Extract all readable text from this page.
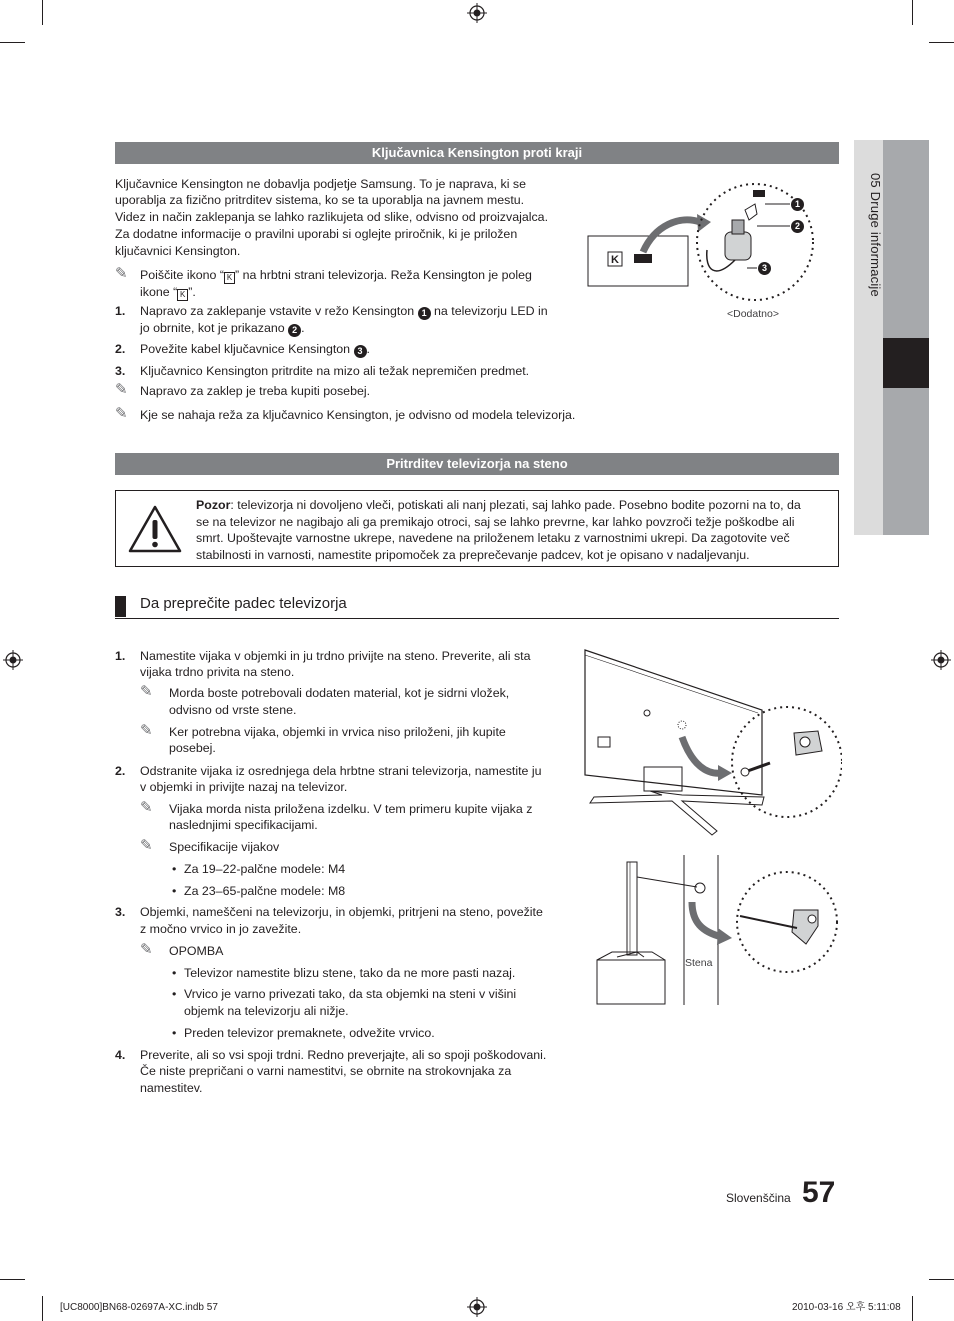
05 Druge informacije
Ključavnica Kensington proti kraji
Ključavnice Kensington ne dobavlja podjetje Samsung. To je naprava, ki se
uporablja za fizično pritrditev sistema, ko se ta uporablja na javnem mestu.
Videz in način zaklepanja se lahko razlikujeta od slike, odvisno od proizvajalca.
Za dodatne informacije o pravilni uporabi si oglejte priročnik, ki je priložen
ključavnici Kensington.
✎ Poiščite ikono “ K ” na hrbtni strani televizorja. Reža Kensington je poleg
ikone “ K ”.
1. Napravo za zaklepanje vstavite v režo Kensington 1 na televizorju LED in
jo obrnite, kot je prikazano 2 .
2. Povežite kabel ključavnice Kensington 3 .
3. Ključavnico Kensington pritrdite na mizo ali težak nepremičen predmet.
✎ Napravo za zaklep je treba kupiti posebej.
✎ Kje se nahaja reža za ključavnico Kensington, je odvisno od modela televizorja.
K
1
2
3
<Dodatno>
Pritrditev televizorja na steno
Pozor: televizorja ni dovoljeno vleči, potiskati ali nanj plezati, saj lahko pade. Posebno bodite pozorni na to, da
se na televizor ne nagibajo ali ga premikajo otroci, saj se lahko prevrne, kar lahko povzroči težje poškodbe ali
smrt. Upoštevajte varnostne ukrepe, navedene na priloženem letaku z varnostnimi ukrepi. Da zagotovite več
stabilnosti in varnosti, namestite pripomoček za preprečevanje padcev, kot je opisano v nadaljevanju.
Da preprečite padec televizorja
1. Namestite vijaka v objemki in ju trdno privijte na steno. Preverite, ali sta
vijaka trdno privita na steno.
✎ Morda boste potrebovali dodaten material, kot je sidrni vložek,
odvisno od vrste stene.
✎ Ker potrebna vijaka, objemki in vrvica niso priloženi, jih kupite
posebej.
2. Odstranite vijaka iz osrednjega dela hrbtne strani televizorja, namestite ju
v objemki in privijte nazaj na televizor.
✎ Vijaka morda nista priložena izdelku. V tem primeru kupite vijaka z
naslednjimi specifikacijami.
✎ Specifikacije vijakov
• Za 19–22-palčne modele: M4
• Za 23–65-palčne modele: M8
3. Objemki, nameščeni na televizorju, in objemki, pritrjeni na steno, povežite
z močno vrvico in jo zavežite.
✎ OPOMBA
• Televizor namestite blizu stene, tako da ne more pasti nazaj.
• Vrvico je varno privezati tako, da sta objemki na steni v višini
objemk na televizorju ali nižje.
• Preden televizor premaknete, odvežite vrvico.
4. Preverite, ali so vsi spoji trdni. Redno preverjajte, ali so spoji poškodovani.
Če niste prepričani o varni namestitvi, se obrnite na strokovnjaka za
namestitev.
Stena
Slovenščina 57
[UC8000]BN68-02697A-XC.indb 57	2010-03-16 오후 5:11:08
